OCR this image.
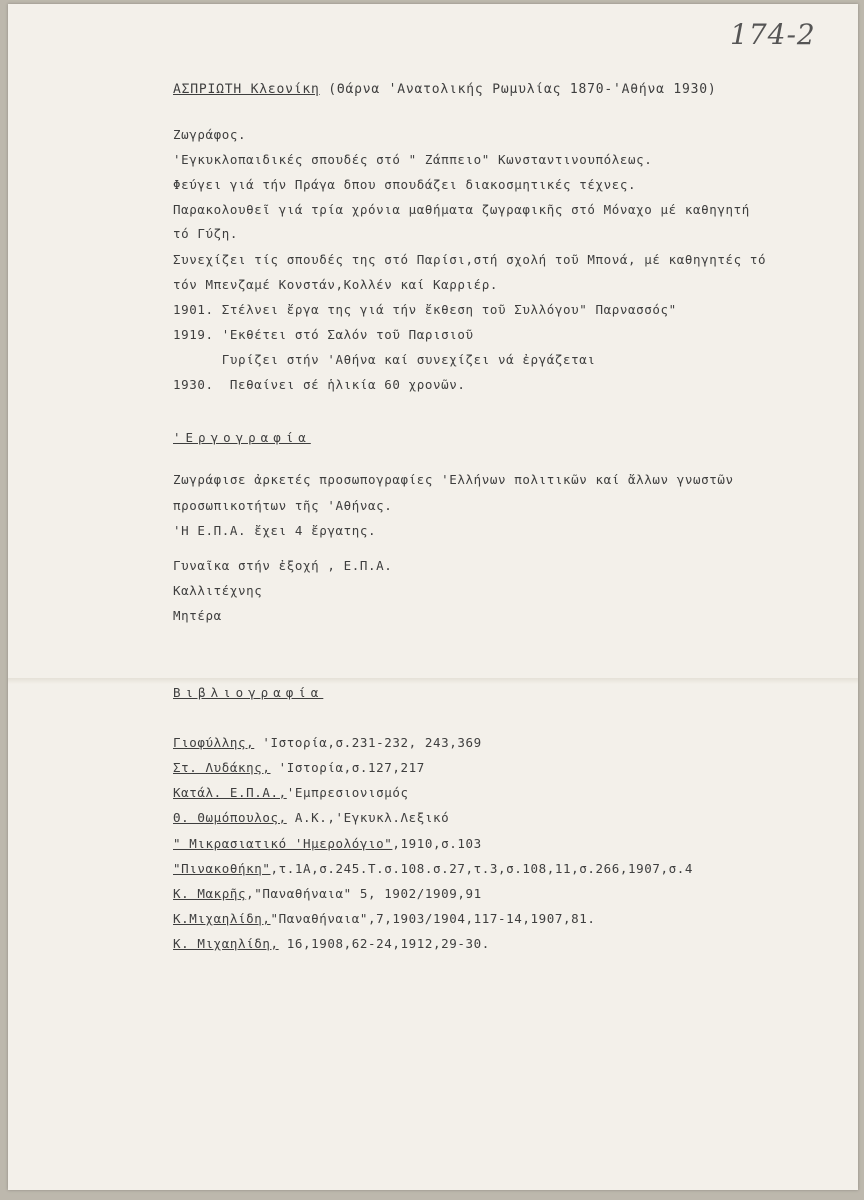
174-2
ΑΣΠΡΙΩΤΗ Κλεονίκη (Θάρνα 'Ανατολικής Ρωμυλίας 1870-'Αθήνα 1930)
Ζωγράφος.
'Εγκυκλοπαιδικές σπουδές στό " Ζάππειο" Κωνσταντινουπόλεως.
Φεύγει γιά τήν Πράγα δπου σπουδάζει διακοσμητικές τέχνες.
Παρακολουθεῖ γιά τρία χρόνια μαθήματα ζωγραφικῆς στό Μόναχο μέ καθηγητή
τό Γύζη.
Συνεχίζει τίς σπουδές της στό Παρίσι,στή σχολή τοῦ Μπονά, μέ καθηγητές τό
τόν Μπενζαμέ Κονστάν,Κολλέν καί Καρριέρ.
1901. Στέλνει ἔργα της γιά τήν ἔκθεση τοῦ Συλλόγου" Παρνασσός"
1919. 'Εκθέτει στό Σαλόν τοῦ Παρισιοῦ
Γυρίζει στήν 'Αθήνα καί συνεχίζει νά ἐργάζεται
1930.  Πεθαίνει σέ ἡλικία 60 χρονῶν.
'Εργογραφία
Ζωγράφισε ἀρκετές προσωπογραφίες 'Ελλήνων πολιτικῶν καί ἄλλων γνωστῶν
προσωπικοτήτων τῆς 'Αθήνας.
'Η Ε.Π.Α. ἔχει 4 ἔργατης.
Γυναῖκα στήν ἐξοχή , Ε.Π.Α.
Καλλιτέχνης
Μητέρα
Βιβλιογραφία
Γιοφύλλης, 'Ιστορία,σ.231-232, 243,369
Στ. Λυδάκης, 'Ιστορία,σ.127,217
Κατάλ. Ε.Π.Α.,'Εμπρεσιονισμός
Θ. Θωμόπουλος, Α.Κ.,'Εγκυκλ.Λεξικό
" Μικρασιατικό 'Ημερολόγιο",1910,σ.103
"Πινακοθήκη",τ.1Α,σ.245.Τ.σ.108.σ.27,τ.3,σ.108,11,σ.266,1907,σ.4
Κ. Μακρῆς,"Παναθήναια" 5, 1902/1909,91
Κ.Μιχαηλίδη,"Παναθήναια",7,1903/1904,117-14,1907,81.
Κ. Μιχαηλίδη, 16,1908,62-24,1912,29-30.
